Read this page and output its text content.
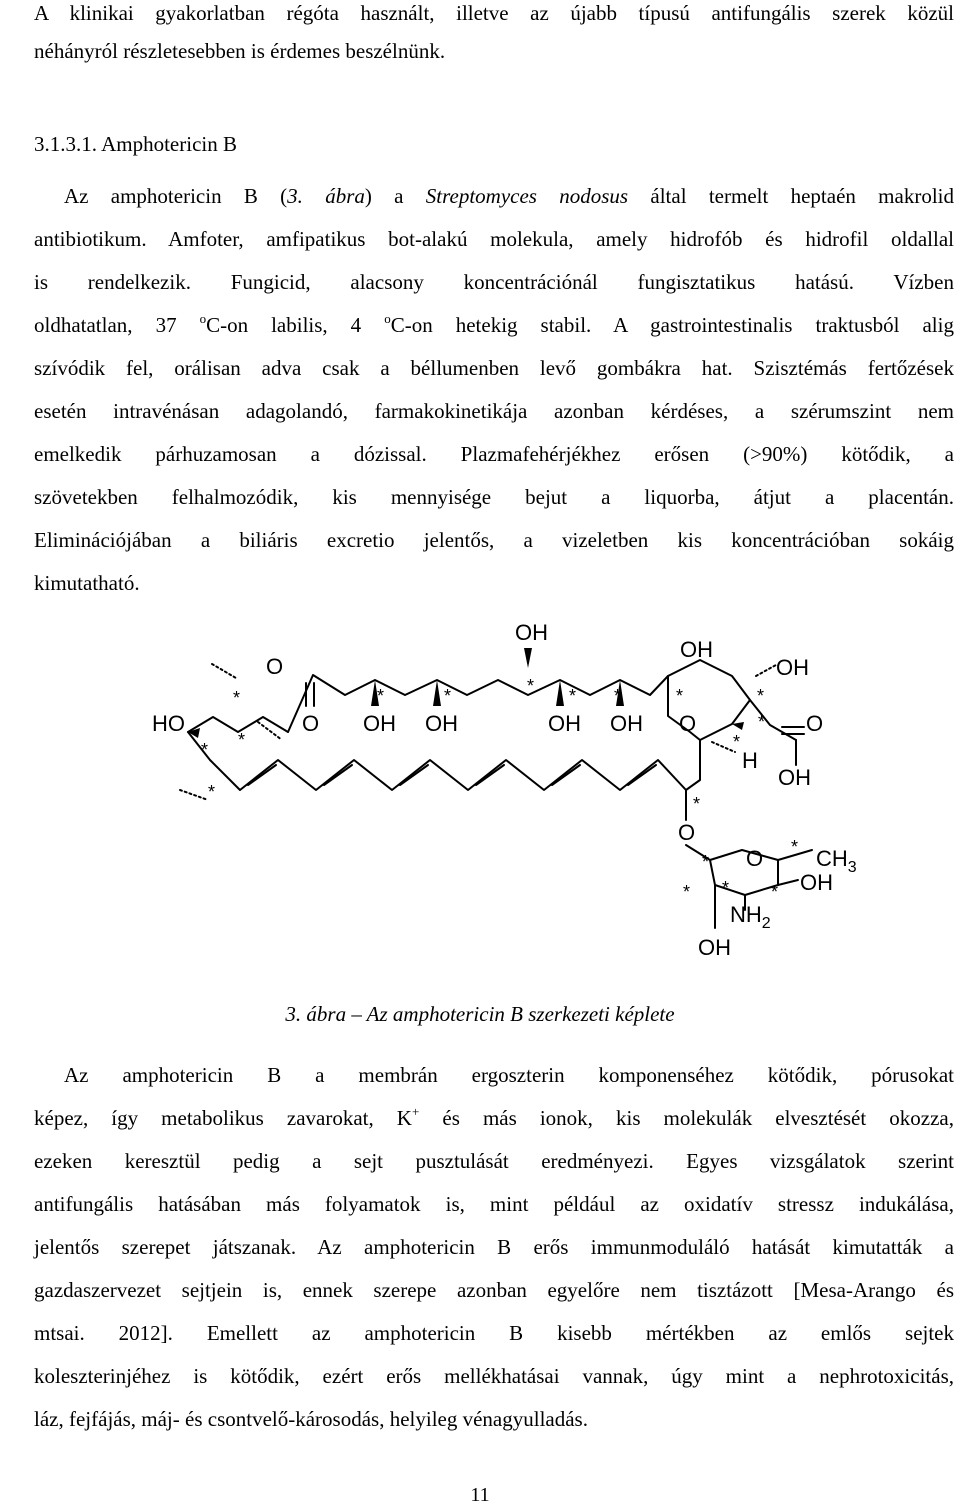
A klinikai gyakorlatban régóta használt, illetve az újabb típusú antifungális szerek közül
néhányról részletesebben is érdemes beszélnünk.
3.1.3.1. Amphotericin B
Az amphotericin B (3. ábra) a Streptomyces nodosus által termelt heptaén makrolid
antibiotikum. Amfoter, amfipatikus bot-alakú molekula, amely hidrofób és hidrofil oldallal
is rendelkezik. Fungicid, alacsony koncentrációnál fungisztatikus hatású. Vízben
oldhatatlan, 37 $^o$C-on labilis, 4 $^o$C-on hetekig stabil. A gastrointestinalis traktusból alig
szívódik fel, orálisan adva csak a béllumenben levő gombákra hat. Szisztémás fertőzések
esetén intravénásan adagolandó, farmakokinetikája azonban kérdéses, a szérumszint nem
emelkedik párhuzamosan a dózissal. Plazmafehérjékhez erősen (>90%) kötődik, a
szövetekben felhalmozódik, kis mennyisége bejut a liquorba, átjut a placentán.
Eliminációjában a biliáris excretio jelentős, a vizeletben kis koncentrációban sokáig
kimutatható.
OH
OH
OH
O
HO	O OH OH	OH OH O	O
H
OH
O
O $CH_3$
OH
$NH_2$
OH
*	*	*	* * *	*	*
*
* *	*
*
*
*
*
* * *
3. ábra – Az amphotericin B szerkezeti képlete
Az amphotericin B a membrán ergoszterin komponenséhez kötődik, pórusokat
képez, így metabolikus zavarokat, K+ és más ionok, kis molekulák elvesztését okozza,
ezeken keresztül pedig a sejt pusztulását eredményezi. Egyes vizsgálatok szerint
antifungális hatásában más folyamatok is, mint például az oxidatív stressz indukálása,
jelentős szerepet játszanak. Az amphotericin B erős immunmoduláló hatását kimutatták a
gazdaszervezet sejtjein is, ennek szerepe azonban egyelőre nem tisztázott [Mesa-Arango és
mtsai. 2012]. Emellett az amphotericin B kisebb mértékben az emlős sejtek
koleszterinjéhez is kötődik, ezért erős mellékhatásai vannak, úgy mint a nephrotoxicitás,
láz, fejfájás, máj- és csontvelő-károsodás, helyileg vénagyulladás.
11
